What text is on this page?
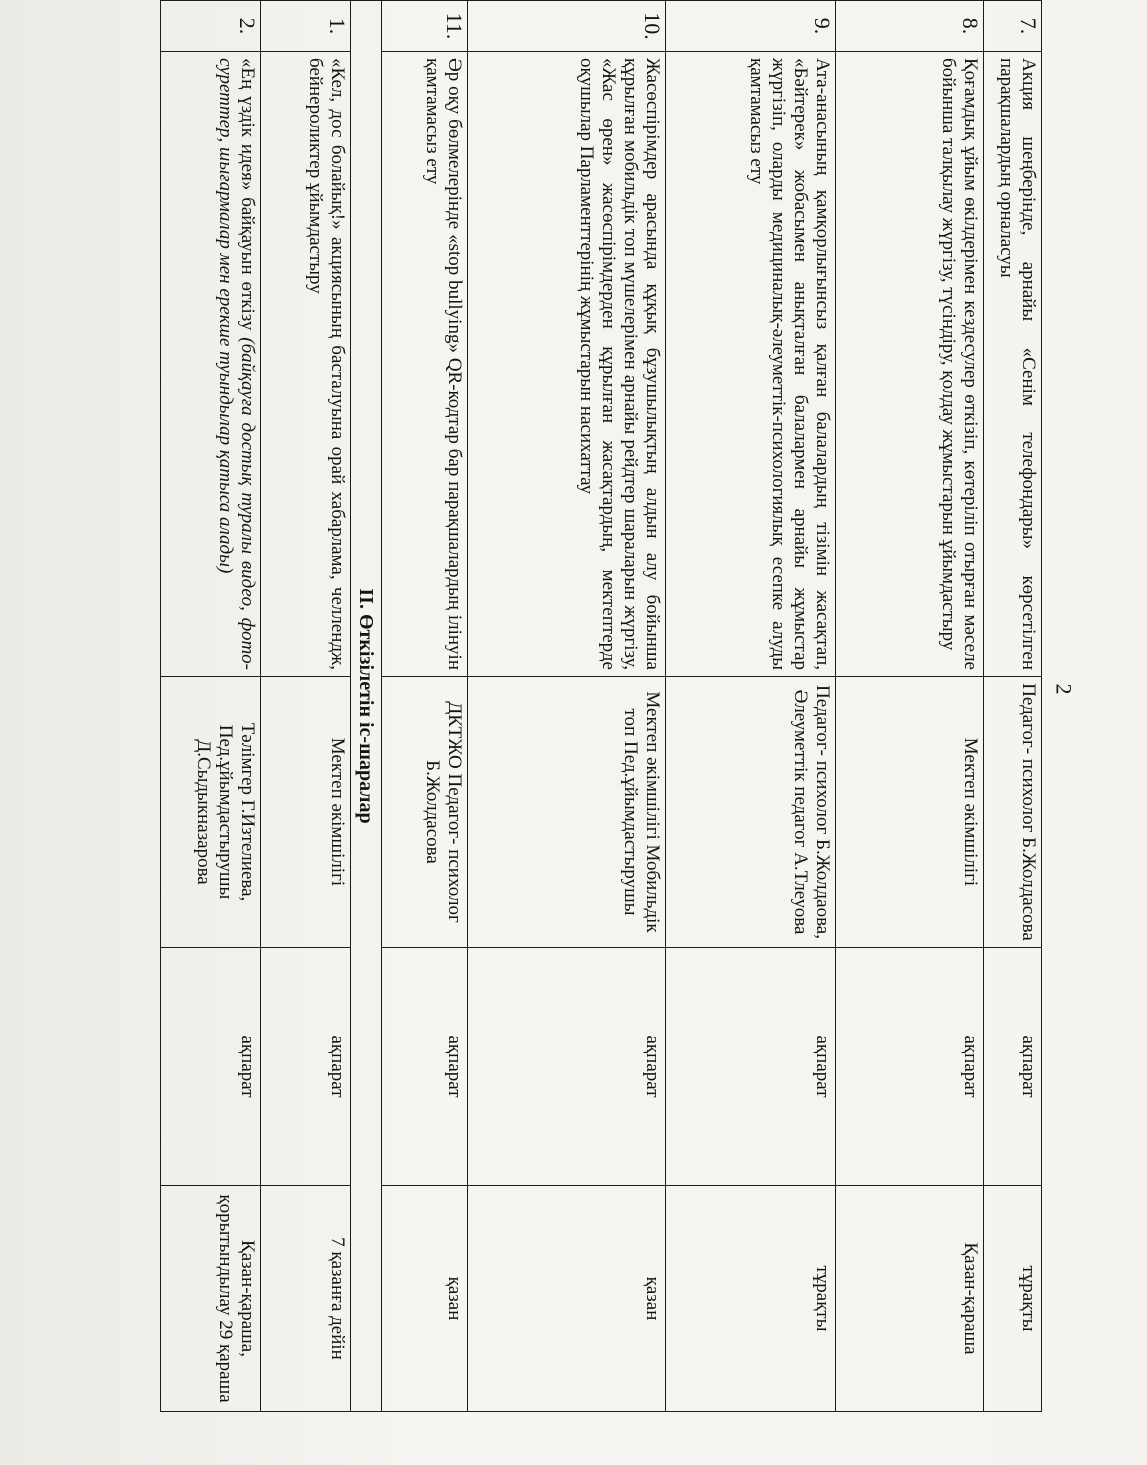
2
7.	Акция шеңберінде, арнайы «Сенім телефондары» көрсетілген парақшалардың орналасуы	Педагог- психолог Б.Жолдасова	ақпарат	тұрақты
8.	Қоғамдық ұйым өкілдерімен кездесулер өткізіп, көтеріліп отырған мәселе бойынша талқылау жүргізу, түсіндіру, қолдау жұмыстарын ұйымдастыру	Мектеп әкімшілігі	ақпарат	Қазан-қараша
9.	Ата-анасының қамқорлығынсыз қалған балалардың тізімін жасақтап, «Бәйтерек» жобасымен анықталған балалармен арнайы жұмыстар жүргізіп, оларды медициналық-әлеуметтік-психологиялық есепке алуды қамтамасыз ету	Педагог- психолог Б.Жолдаова, Әлеуметтік педагог А.Тлеуова	ақпарат	тұрақты
10.	Жасөспірімдер арасында құқық бұзушылықтың алдын алу бойынша құрылған мобильдік топ мүшелерімен арнайы рейдтер шараларын жүргізу, «Жас өрен» жасөспірімдерден құрылған жасақтардың, мектептерде оқушылар Парламенттерінің жұмыстарын насихаттау	Мектеп әкімшілігі Мобильдік топ Пед.ұйымдастырушы	ақпарат	қазан
11.	Әр оқу бөлмелерінде «stop bullying» QR-кодтар бар парақшалардың ілінуін қамтамасыз ету	ДКТЖО Педагог- психолог Б.Жолдасова	ақпарат	қазан
II. Өткізілетін іс-шаралар				
1.	«Кел, дос болайық!» акциясының басталуына орай хабарлама, челлендж, бейнероликтер ұйымдастыру	Мектеп әкімшілігі	ақпарат	7 қазанға дейін
2.	«Ең үздік идея» байқауын өткізу (байқауға достық туралы видео, фото-суреттер, шығармалар мен ерекше туындылар қатыса алады)	Тәлімгер Г.Изтелиева, Пед.ұйымдастырушы Д.Сыдыкназарова	ақпарат	Қазан-қараша, қорытындылау 29 қараша
